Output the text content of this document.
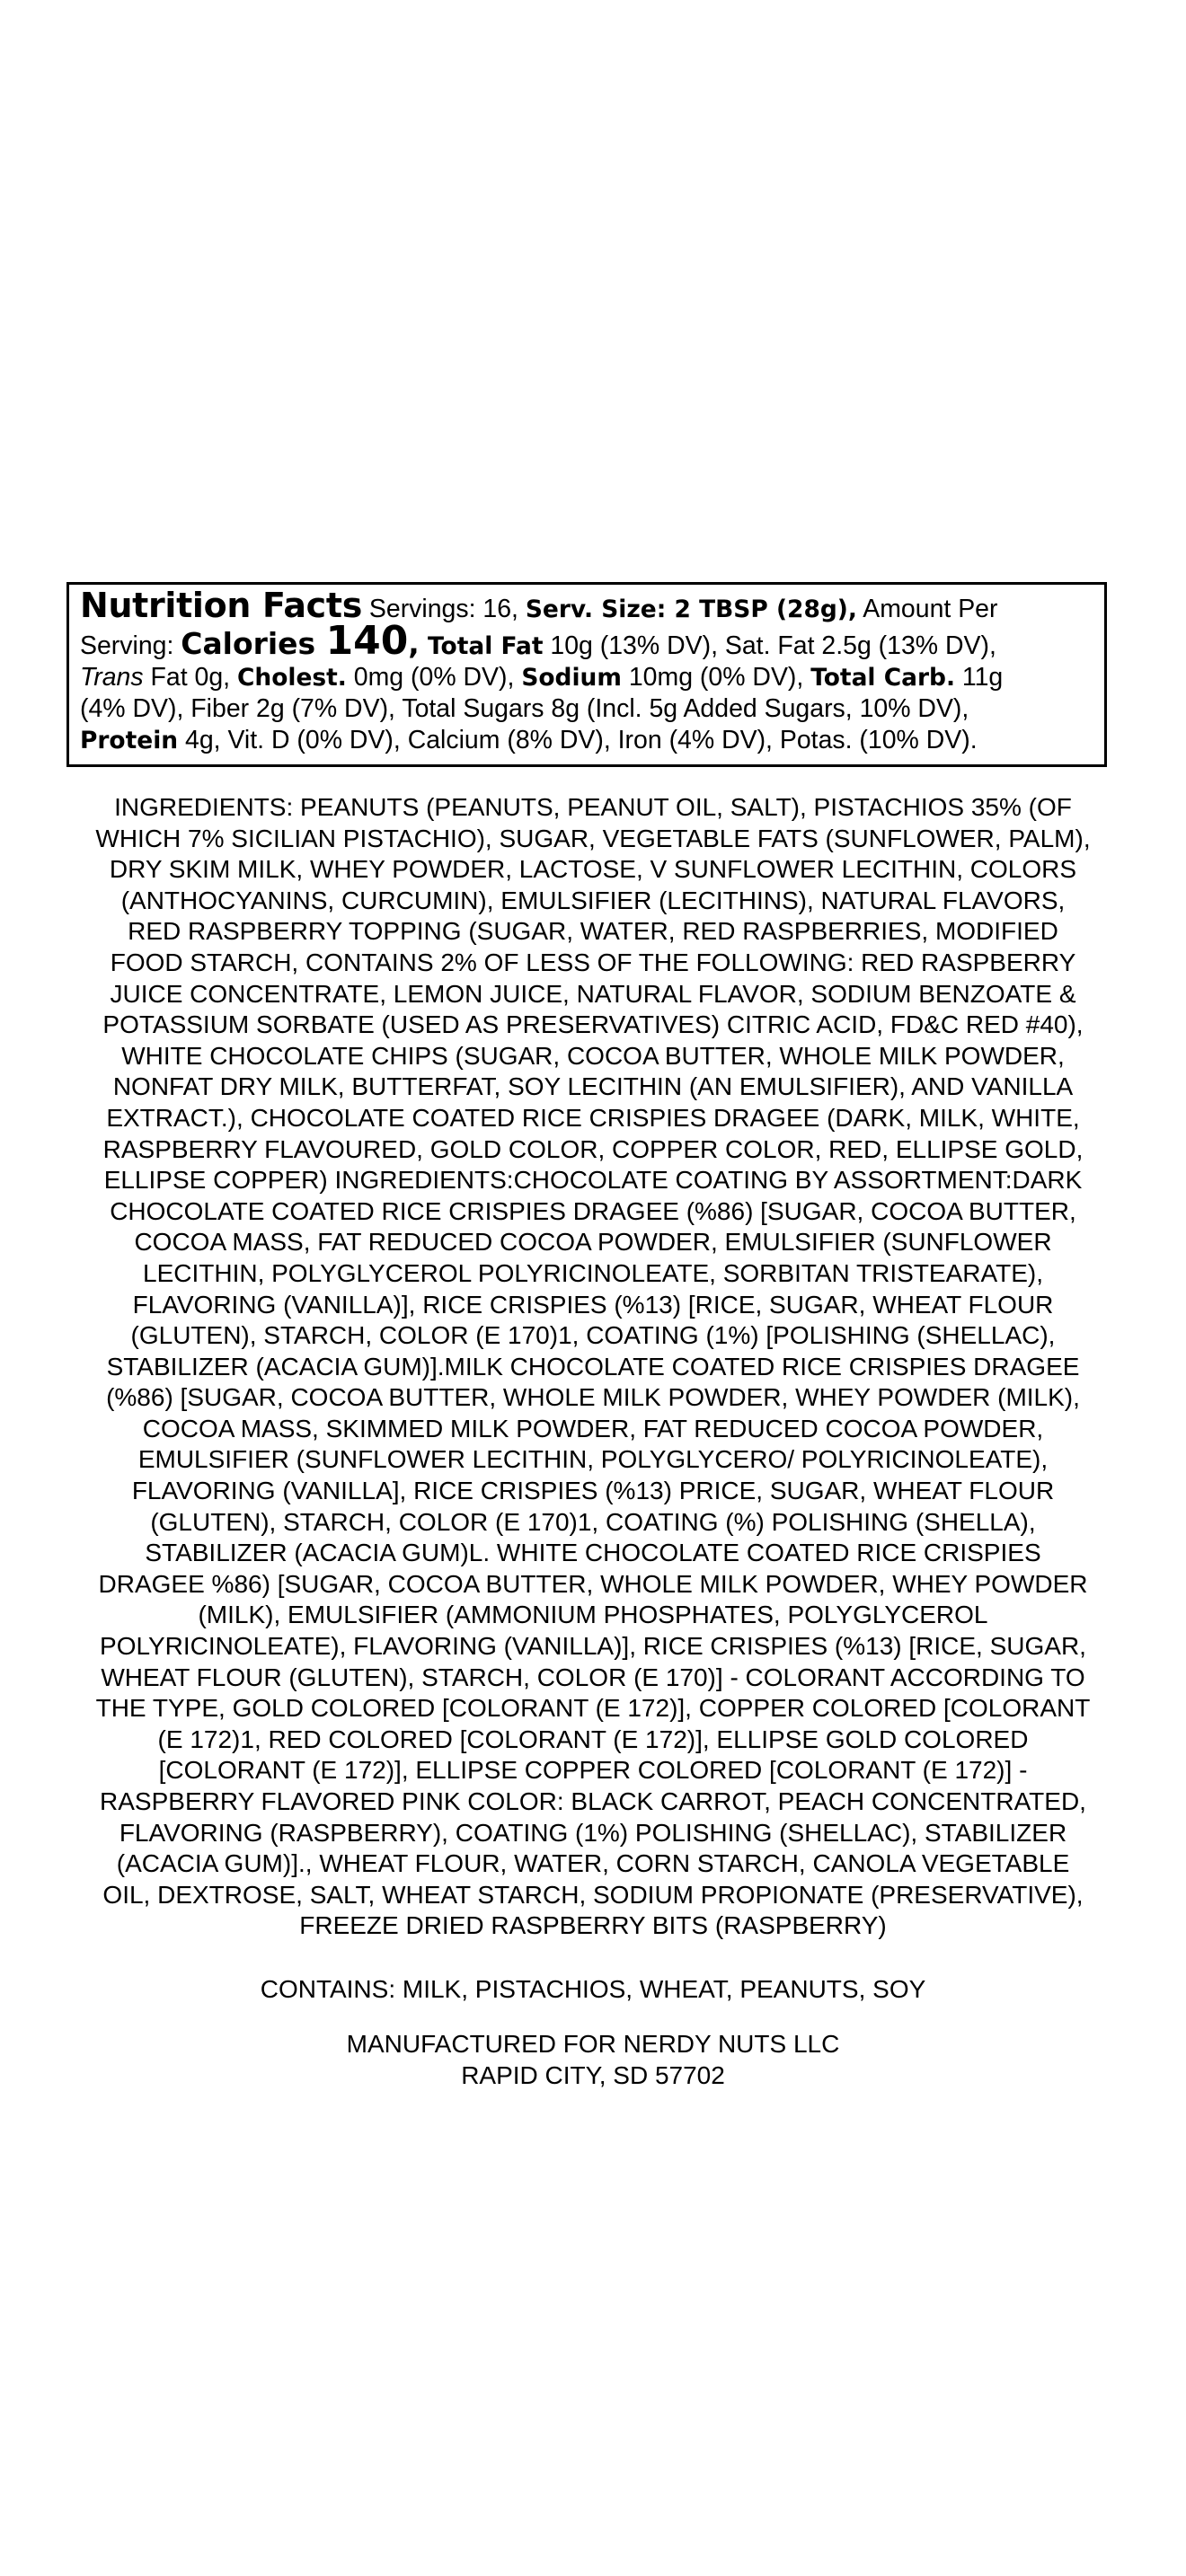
Nutrition Facts Servings: 16, Serv. Size: 2 TBSP (28g), Amount Per
Serving: Calories 140, Total Fat 10g (13% DV), Sat. Fat 2.5g (13% DV),
Trans Fat 0g, Cholest. 0mg (0% DV), Sodium 10mg (0% DV), Total Carb. 11g
(4% DV), Fiber 2g (7% DV), Total Sugars 8g (Incl. 5g Added Sugars, 10% DV),
Protein 4g, Vit. D (0% DV), Calcium (8% DV), Iron (4% DV), Potas. (10% DV).
INGREDIENTS: PEANUTS (PEANUTS, PEANUT OIL, SALT), PISTACHIOS 35% (OF
WHICH 7% SICILIAN PISTACHIO), SUGAR, VEGETABLE FATS (SUNFLOWER, PALM),
DRY SKIM MILK, WHEY POWDER, LACTOSE, V SUNFLOWER LECITHIN, COLORS
(ANTHOCYANINS, CURCUMIN), EMULSIFIER (LECITHINS), NATURAL FLAVORS,
RED RASPBERRY TOPPING (SUGAR, WATER, RED RASPBERRIES, MODIFIED
FOOD STARCH, CONTAINS 2% OF LESS OF THE FOLLOWING: RED RASPBERRY
JUICE CONCENTRATE, LEMON JUICE, NATURAL FLAVOR, SODIUM BENZOATE &
POTASSIUM SORBATE (USED AS PRESERVATIVES) CITRIC ACID, FD&C RED #40),
WHITE CHOCOLATE CHIPS (SUGAR, COCOA BUTTER, WHOLE MILK POWDER,
NONFAT DRY MILK, BUTTERFAT, SOY LECITHIN (AN EMULSIFIER), AND VANILLA
EXTRACT.), CHOCOLATE COATED RICE CRISPIES DRAGEE (DARK, MILK, WHITE,
RASPBERRY FLAVOURED, GOLD COLOR, COPPER COLOR, RED, ELLIPSE GOLD,
ELLIPSE COPPER) INGREDIENTS:CHOCOLATE COATING BY ASSORTMENT:DARK
CHOCOLATE COATED RICE CRISPIES DRAGEE (%86) [SUGAR, COCOA BUTTER,
COCOA MASS, FAT REDUCED COCOA POWDER, EMULSIFIER (SUNFLOWER
LECITHIN, POLYGLYCEROL POLYRICINOLEATE, SORBITAN TRISTEARATE),
FLAVORING (VANILLA)], RICE CRISPIES (%13) [RICE, SUGAR, WHEAT FLOUR
(GLUTEN), STARCH, COLOR (E 170)1, COATING (1%) [POLISHING (SHELLAC),
STABILIZER (ACACIA GUM)].MILK CHOCOLATE COATED RICE CRISPIES DRAGEE
(%86) [SUGAR, COCOA BUTTER, WHOLE MILK POWDER, WHEY POWDER (MILK),
COCOA MASS, SKIMMED MILK POWDER, FAT REDUCED COCOA POWDER,
EMULSIFIER (SUNFLOWER LECITHIN, POLYGLYCERO/ POLYRICINOLEATE),
FLAVORING (VANILLA], RICE CRISPIES (%13) PRICE, SUGAR, WHEAT FLOUR
(GLUTEN), STARCH, COLOR (E 170)1, COATING (%) POLISHING (SHELLA),
STABILIZER (ACACIA GUM)L. WHITE CHOCOLATE COATED RICE CRISPIES
DRAGEE %86) [SUGAR, COCOA BUTTER, WHOLE MILK POWDER, WHEY POWDER
(MILK), EMULSIFIER (AMMONIUM PHOSPHATES, POLYGLYCEROL
POLYRICINOLEATE), FLAVORING (VANILLA)], RICE CRISPIES (%13) [RICE, SUGAR,
WHEAT FLOUR (GLUTEN), STARCH, COLOR (E 170)] - COLORANT ACCORDING TO
THE TYPE, GOLD COLORED [COLORANT (E 172)], COPPER COLORED [COLORANT
(E 172)1, RED COLORED [COLORANT (E 172)], ELLIPSE GOLD COLORED
[COLORANT (E 172)], ELLIPSE COPPER COLORED [COLORANT (E 172)] -
RASPBERRY FLAVORED PINK COLOR: BLACK CARROT, PEACH CONCENTRATED,
FLAVORING (RASPBERRY), COATING (1%) POLISHING (SHELLAC), STABILIZER
(ACACIA GUM)]., WHEAT FLOUR, WATER, CORN STARCH, CANOLA VEGETABLE
OIL, DEXTROSE, SALT, WHEAT STARCH, SODIUM PROPIONATE (PRESERVATIVE),
FREEZE DRIED RASPBERRY BITS (RASPBERRY)

CONTAINS: MILK, PISTACHIOS, WHEAT, PEANUTS, SOY

MANUFACTURED FOR NERDY NUTS LLC
RAPID CITY, SD 57702
